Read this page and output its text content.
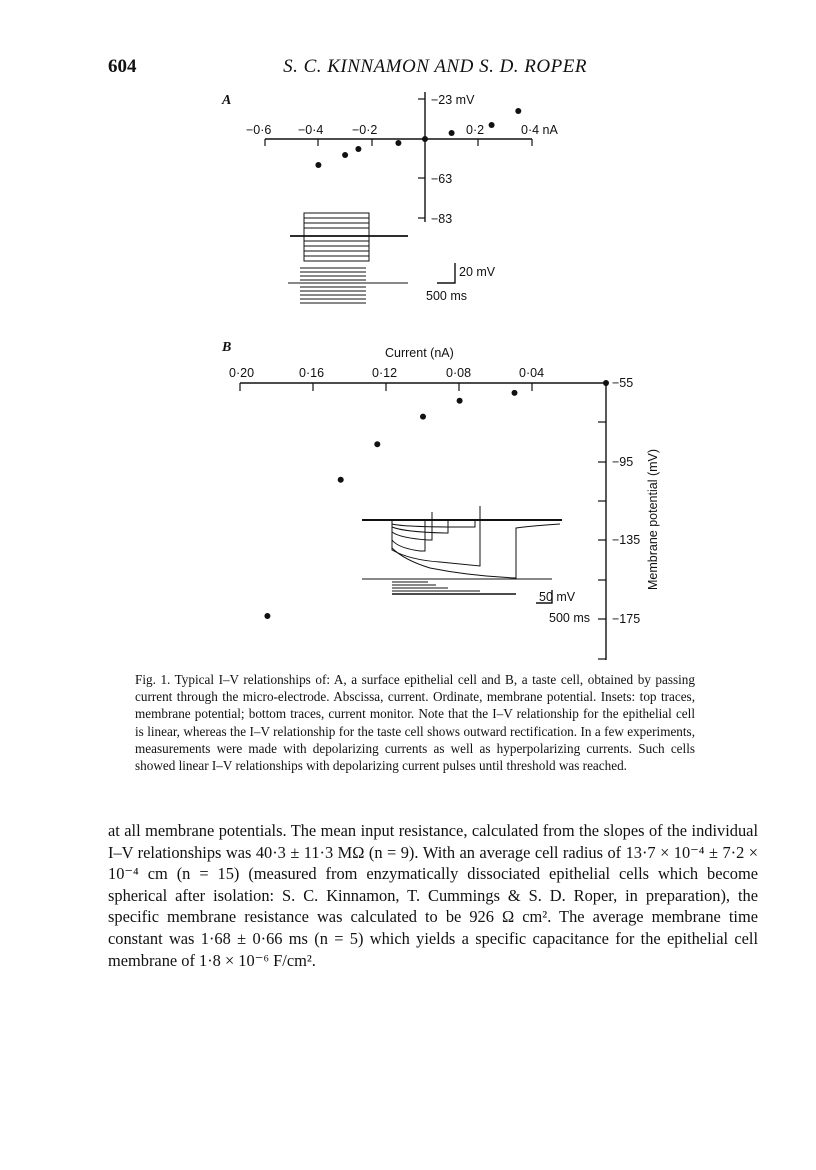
604	S. C. KINNAMON AND S. D. ROPER
A
−0·6 −0·4 −0·2	0·2	0·4 nA
−23 mV
−63
−83
20 mV
500 ms
B	Current (nA)
0·20	0·16	0·12	0·08	0·04
−55
−95
−135
−175
Membrane potential (mV)
50 mV
500 ms
Fig. 1. Typical I–V relationships of: A, a surface epithelial cell and B, a taste cell, obtained by passing current through the micro-electrode. Abscissa, current. Ordinate, membrane potential. Insets: top traces, membrane potential; bottom traces, current monitor. Note that the I–V relationship for the epithelial cell is linear, whereas the I–V relationship for the taste cell shows outward rectification. In a few experiments, measurements were made with depolarizing currents as well as hyperpolarizing currents. Such cells showed linear I–V relationships with depolarizing current pulses until threshold was reached.
at all membrane potentials. The mean input resistance, calculated from the slopes of the individual I–V relationships was 40·3 ± 11·3 MΩ (n = 9). With an average cell radius of 13·7 × 10⁻⁴ ± 7·2 × 10⁻⁴ cm (n = 15) (measured from enzymatically dissociated epithelial cells which become spherical after isolation: S. C. Kinnamon, T. Cummings & S. D. Roper, in preparation), the specific membrane resistance was calculated to be 926 Ω cm². The average membrane time constant was 1·68 ± 0·66 ms (n = 5) which yields a specific capacitance for the epithelial cell membrane of 1·8 × 10⁻⁶ F/cm².
